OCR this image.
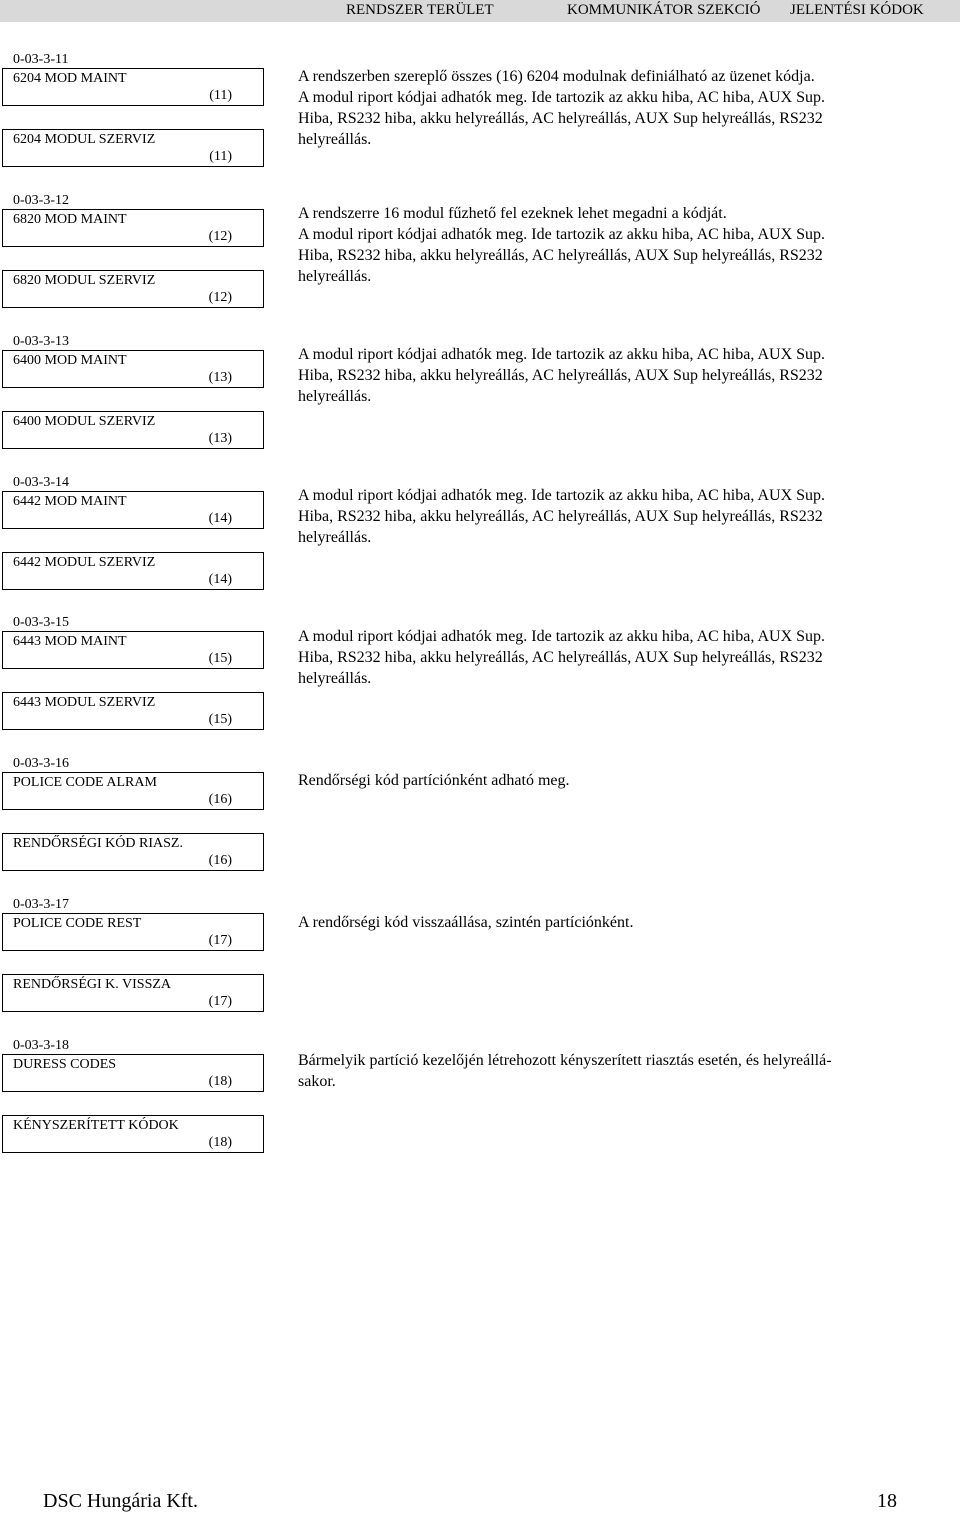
RENDSZER TERÜLET	KOMMUNIKÁTOR SZEKCIÓ JELENTÉSI KÓDOK
0-03-3-11
6204 MOD MAINT
(11)
6204 MODUL SZERVIZ
(11)
A rendszerben szereplő összes (16) 6204 modulnak definiálható az üzenet kódja.
A modul riport kódjai adhatók meg. Ide tartozik az akku hiba, AC hiba, AUX Sup.
Hiba, RS232 hiba, akku helyreállás, AC helyreállás, AUX Sup helyreállás, RS232
helyreállás.
0-03-3-12
6820 MOD MAINT
(12)
6820 MODUL SZERVIZ
(12)
A rendszerre 16 modul fűzhető fel ezeknek lehet megadni a kódját.
A modul riport kódjai adhatók meg. Ide tartozik az akku hiba, AC hiba, AUX Sup.
Hiba, RS232 hiba, akku helyreállás, AC helyreállás, AUX Sup helyreállás, RS232
helyreállás.
0-03-3-13
6400 MOD MAINT
(13)
6400 MODUL SZERVIZ
(13)
A modul riport kódjai adhatók meg. Ide tartozik az akku hiba, AC hiba, AUX Sup.
Hiba, RS232 hiba, akku helyreállás, AC helyreállás, AUX Sup helyreállás, RS232
helyreállás.
0-03-3-14
6442 MOD MAINT
(14)
6442 MODUL SZERVIZ
(14)
A modul riport kódjai adhatók meg. Ide tartozik az akku hiba, AC hiba, AUX Sup.
Hiba, RS232 hiba, akku helyreállás, AC helyreállás, AUX Sup helyreállás, RS232
helyreállás.
0-03-3-15
6443 MOD MAINT
(15)
6443 MODUL SZERVIZ
(15)
A modul riport kódjai adhatók meg. Ide tartozik az akku hiba, AC hiba, AUX Sup.
Hiba, RS232 hiba, akku helyreállás, AC helyreállás, AUX Sup helyreállás, RS232
helyreállás.
0-03-3-16
POLICE CODE ALRAM
(16)
RENDŐRSÉGI KÓD RIASZ.
(16)
Rendőrségi kód partíciónként adható meg.
0-03-3-17
POLICE CODE REST
(17)
RENDŐRSÉGI K. VISSZA
(17)
A rendőrségi kód visszaállása, szintén partíciónként.
0-03-3-18
DURESS CODES
(18)
KÉNYSZERÍTETT KÓDOK
(18)
Bármelyik partíció kezelőjén létrehozott kényszerített riasztás esetén, és helyreállá-
sakor.
DSC Hungária Kft.	18
